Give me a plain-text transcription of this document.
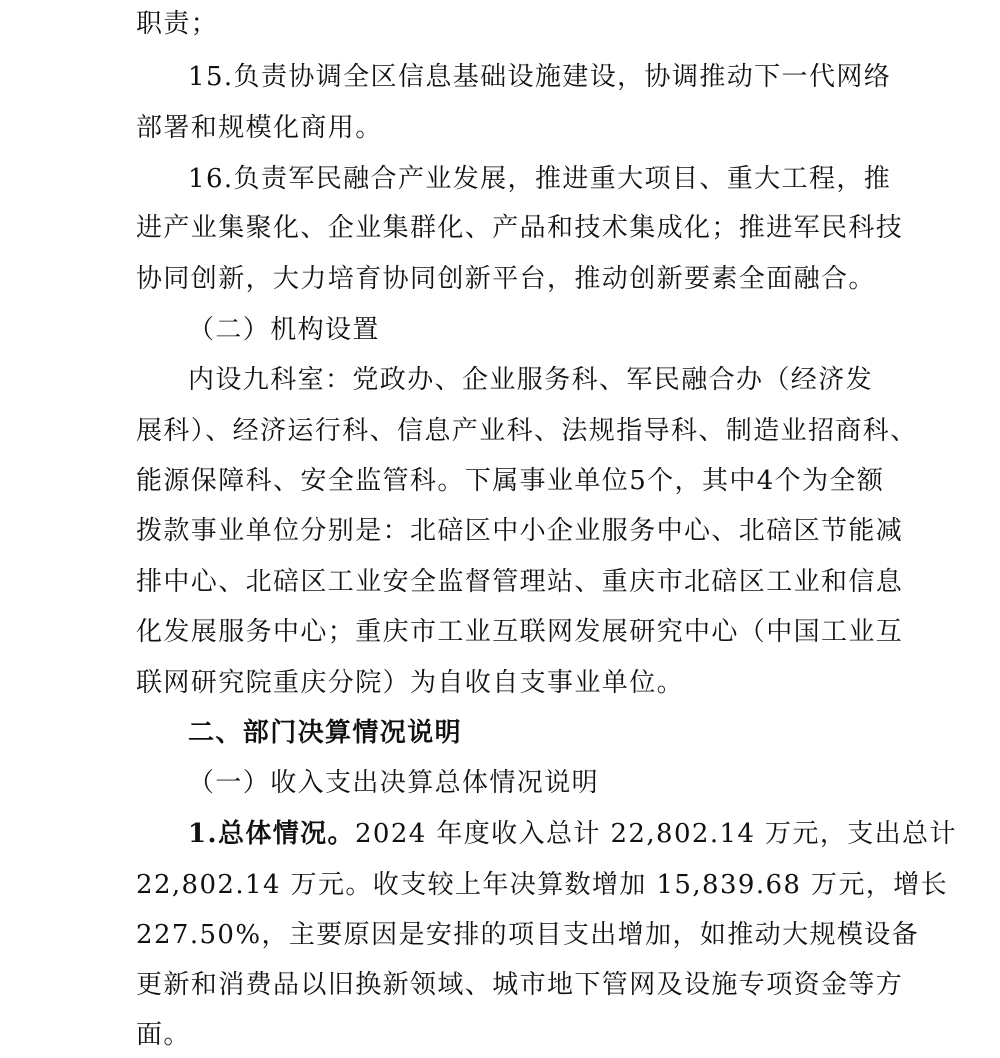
职责；
15.负责协调全区信息基础设施建设，协调推动下一代网络
部署和规模化商用。
16.负责军民融合产业发展，推进重大项目、重大工程，推
进产业集聚化、企业集群化、产品和技术集成化；推进军民科技
协同创新，大力培育协同创新平台，推动创新要素全面融合。
（二）机构设置
内设九科室：党政办、企业服务科、军民融合办（经济发
展科）、经济运行科、信息产业科、法规指导科、制造业招商科、
能源保障科、安全监管科。下属事业单位5个，其中4个为全额
拨款事业单位分别是：北碚区中小企业服务中心、北碚区节能减
排中心、北碚区工业安全监督管理站、重庆市北碚区工业和信息
化发展服务中心；重庆市工业互联网发展研究中心（中国工业互
联网研究院重庆分院）为自收自支事业单位。
二、部门决算情况说明
（一）收入支出决算总体情况说明
1.总体情况。2024 年度收入总计 22,802.14 万元，支出总计
22,802.14 万元。收支较上年决算数增加 15,839.68 万元，增长
227.50%，主要原因是安排的项目支出增加，如推动大规模设备
更新和消费品以旧换新领域、城市地下管网及设施专项资金等方
面。
